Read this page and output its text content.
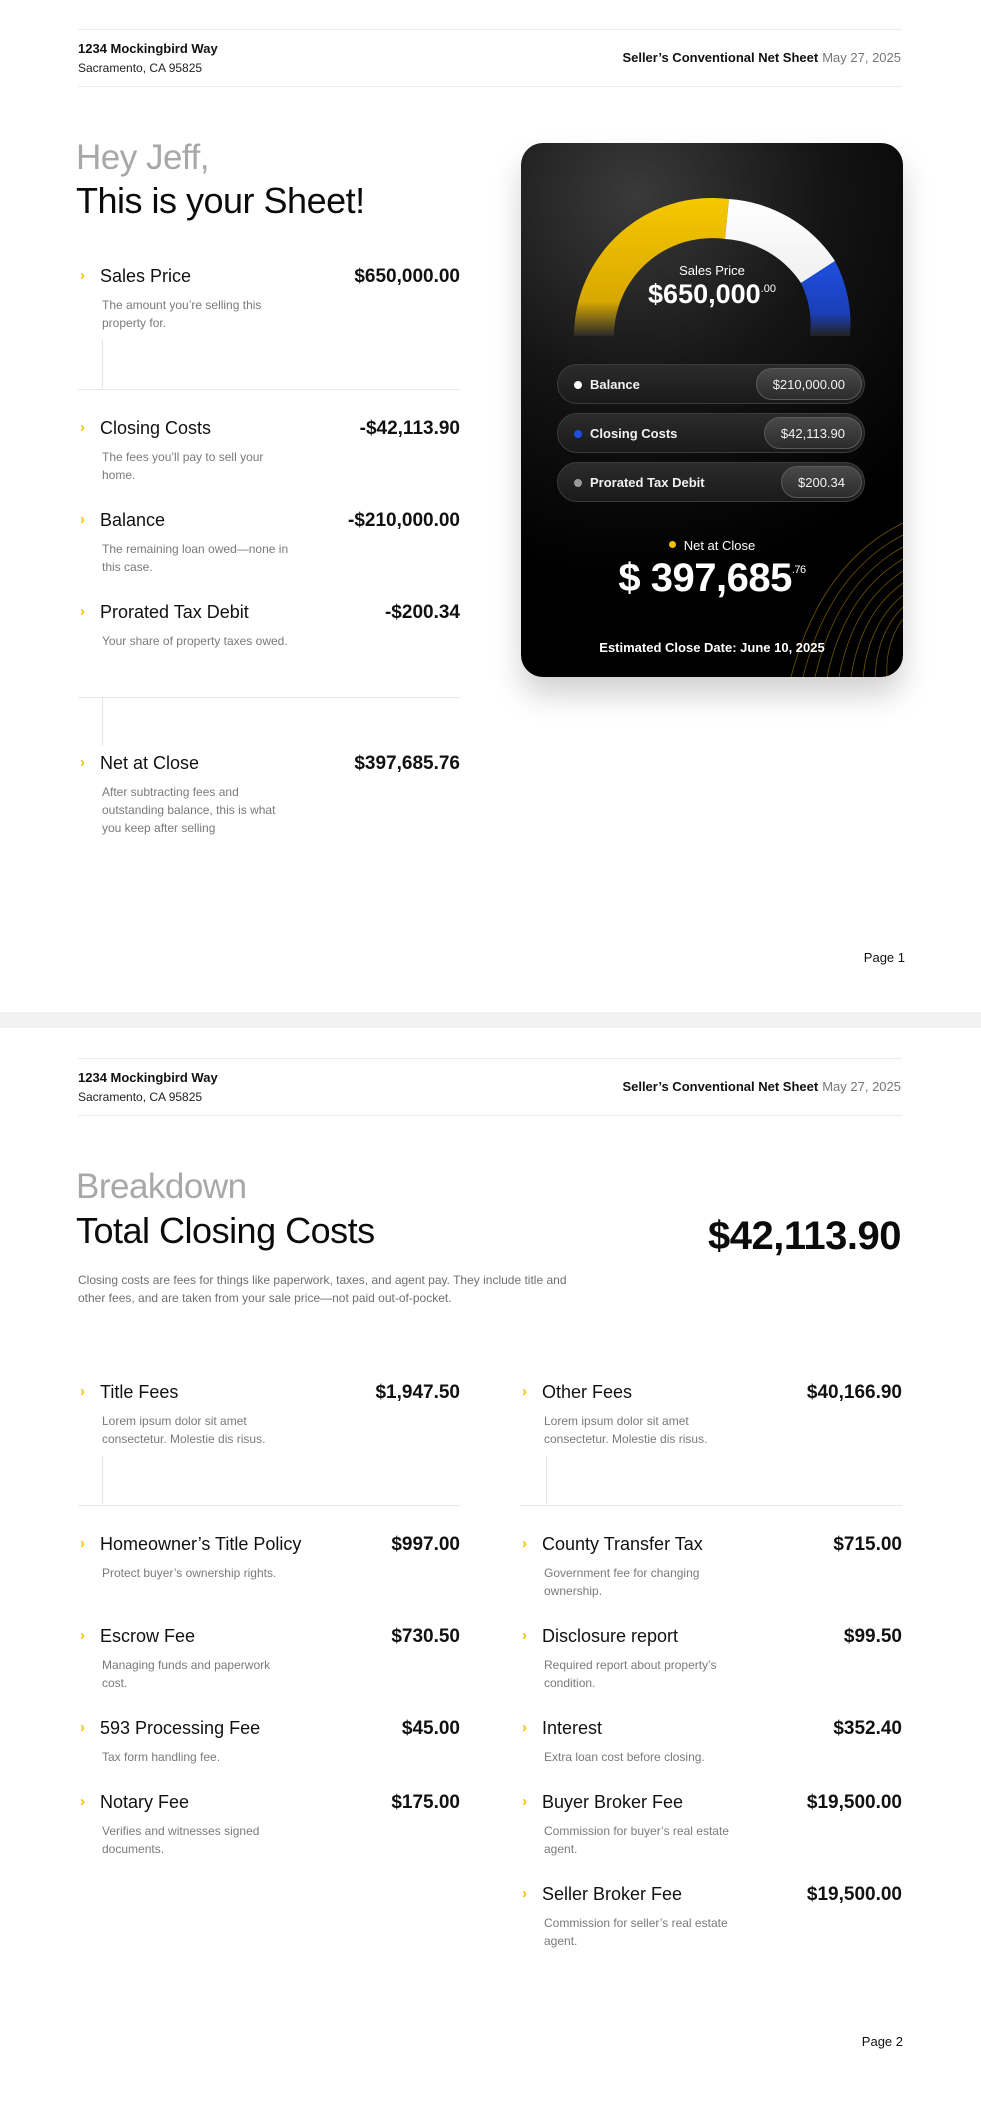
1234 Mockingbird Way
Sacramento, CA 95825
Seller’s Conventional Net Sheet May 27, 2025
Hey Jeff,
This is your Sheet!
› Sales Price	$650,000.00
The amount you’re selling this property for.
› Closing Costs	-$42,113.90
The fees you’ll pay to sell your home.
› Balance	-$210,000.00
The remaining loan owed—none in this case.
› Prorated Tax Debit	-$200.34
Your share of property taxes owed.
› Net at Close	$397,685.76
After subtracting fees and outstanding balance, this is what you keep after selling
Sales Price
$\$650,000^{.00}$
Balance	$210,000.00
Closing Costs	$42,113.90
Prorated Tax Debit	$200.34
Net at Close
$ $397,685^{.76}$
Estimated Close Date: June 10, 2025
Page 1
1234 Mockingbird Way
Sacramento, CA 95825
Seller’s Conventional Net Sheet May 27, 2025
Breakdown
Total Closing Costs	$42,113.90
Closing costs are fees for things like paperwork, taxes, and agent pay. They include title and other fees, and are taken from your sale price—not paid out-of-pocket.
› Title Fees	$1,947.50
Lorem ipsum dolor sit amet consectetur. Molestie dis risus.
› Other Fees	$40,166.90
Lorem ipsum dolor sit amet consectetur. Molestie dis risus.
› Homeowner’s Title Policy	$997.00
Protect buyer’s ownership rights.
› Escrow Fee	$730.50
Managing funds and paperwork cost.
› 593 Processing Fee	$45.00
Tax form handling fee.
› Notary Fee	$175.00
Verifies and witnesses signed documents.
› County Transfer Tax	$715.00
Government fee for changing ownership.
› Disclosure report	$99.50
Required report about property’s condition.
› Interest	$352.40
Extra loan cost before closing.
› Buyer Broker Fee	$19,500.00
Commission for buyer’s real estate agent.
› Seller Broker Fee	$19,500.00
Commission for seller’s real estate agent.
Page 2
